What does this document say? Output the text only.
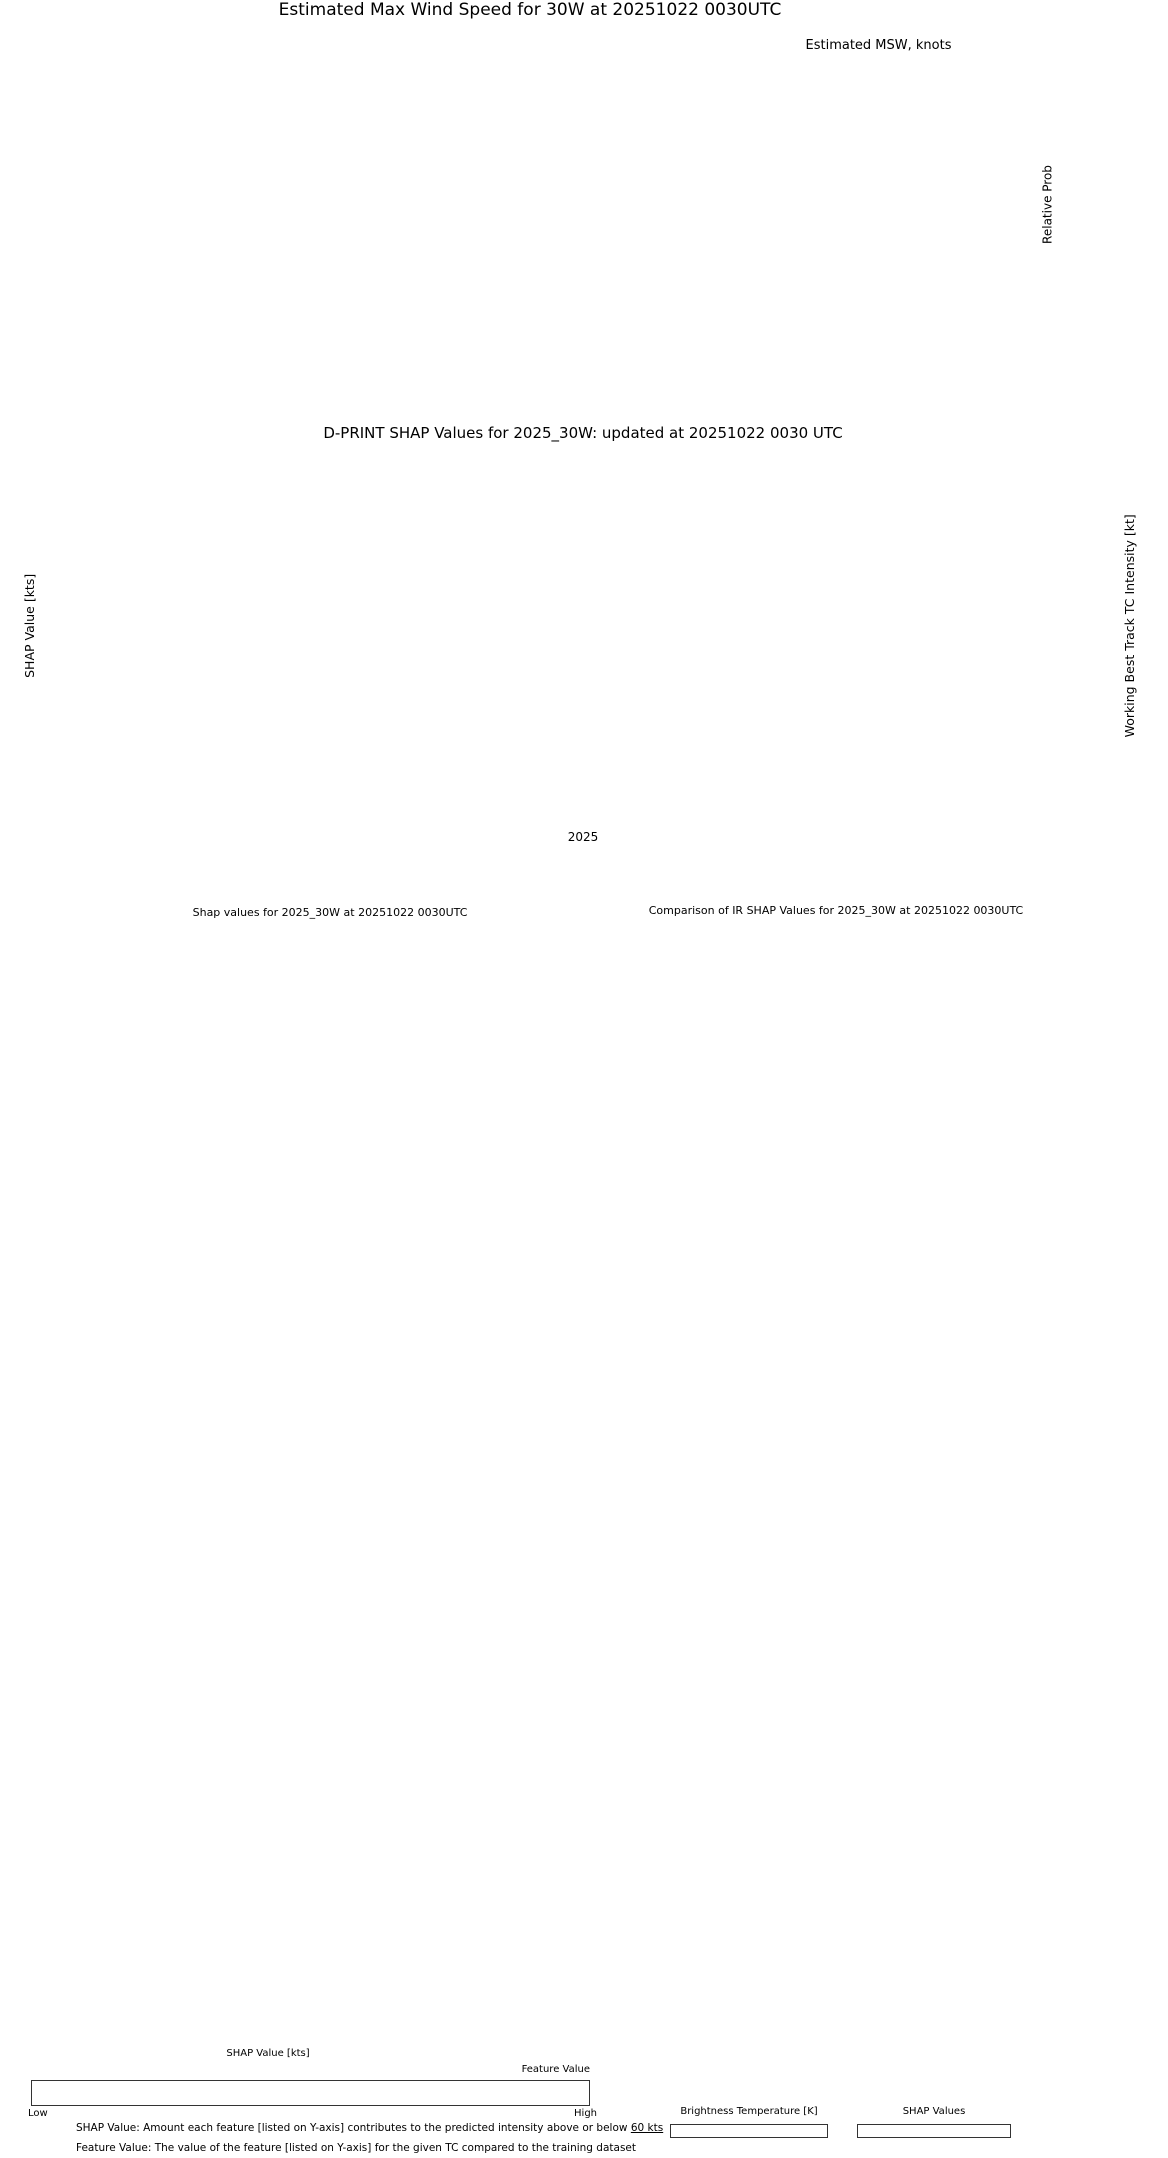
Estimated Max Wind Speed for 30W at 20251022 0030UTC
Estimated MSW, knots
Relative Prob
D-PRINT SHAP Values for 2025_30W: updated at 20251022 0030 UTC
SHAP Value [kts]	Working Best Track TC Intensity [kt]
2025
Shap values for 2025_30W at 20251022 0030UTC
SHAP Value [kts]
Comparison of IR SHAP Values for 2025_30W at 20251022 0030UTC
Feature Value
Low	High
SHAP Value: Amount each feature [listed on Y-axis] contributes to the predicted intensity above or below 60 kts
Feature Value: The value of the feature [listed on Y-axis] for the given TC compared to the training dataset
Brightness Temperature [K]	SHAP Values
